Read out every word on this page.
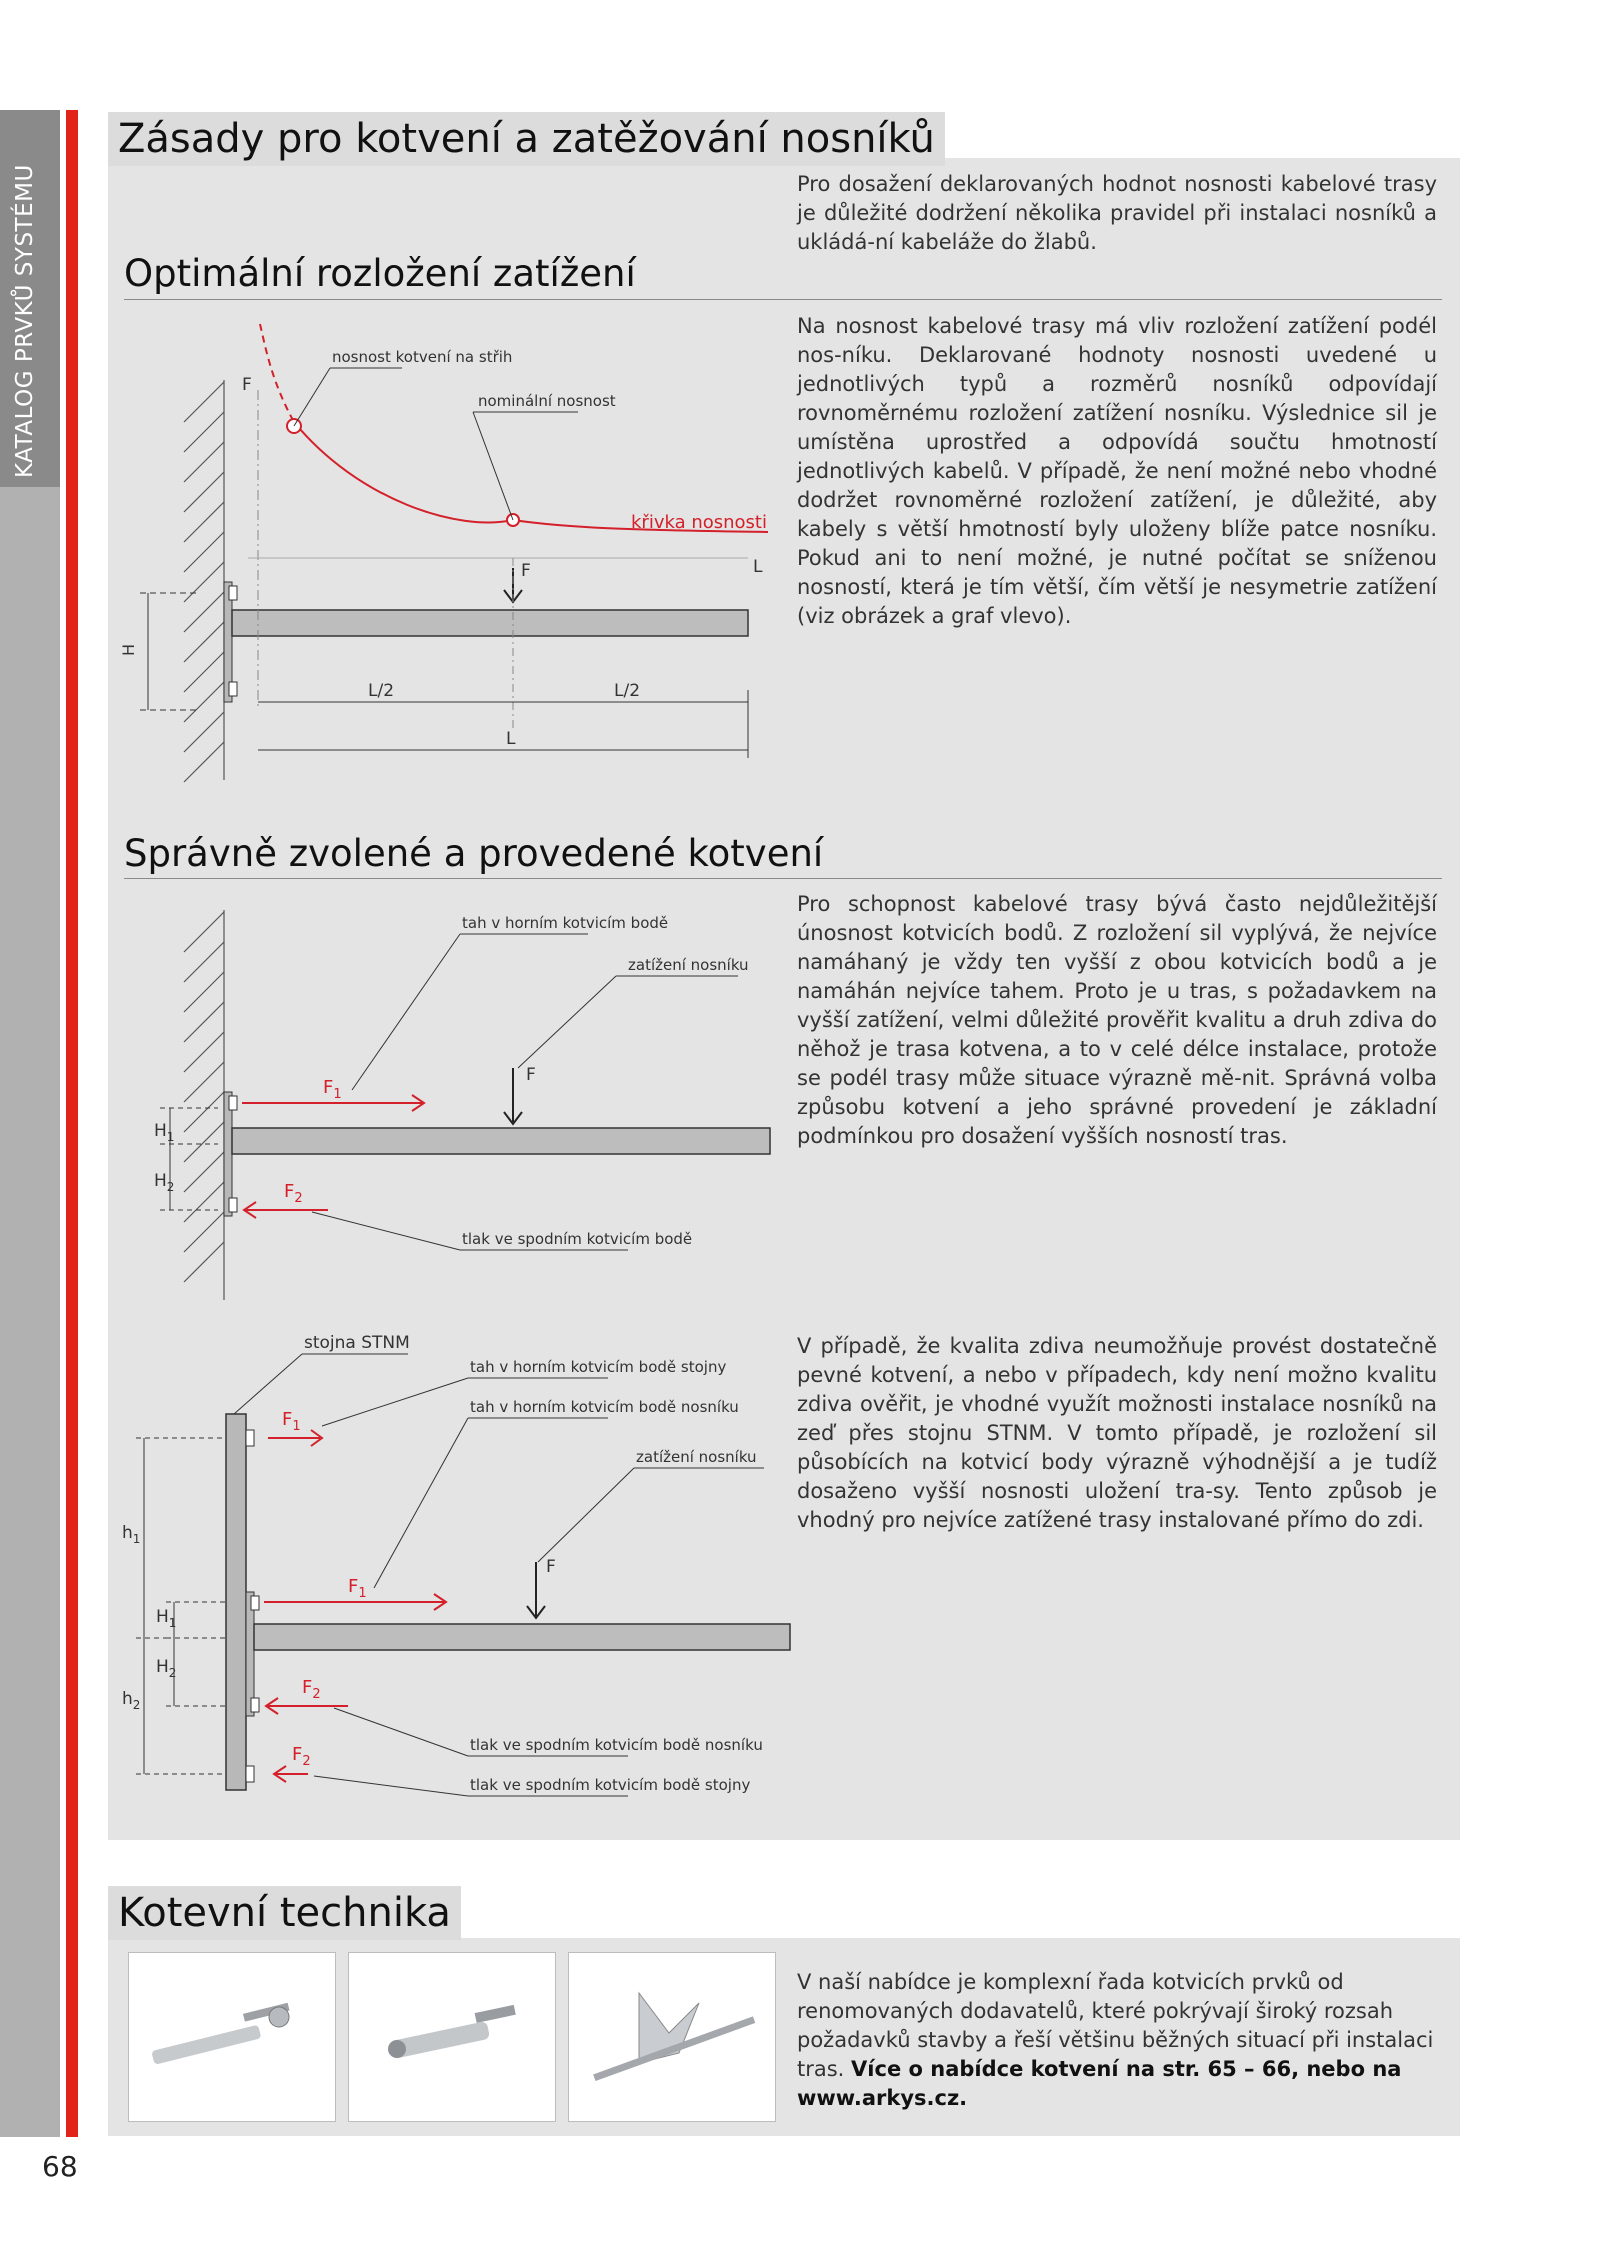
KATALOG PRVKŮ SYSTÉMU
68
Zásady pro kotvení a zatěžování nosníků
Pro dosažení deklarovaných hodnot nosnosti kabelové trasy je důležité dodržení několika pravidel při instalaci nosníků a ukládá-ní kabeláže do žlabů.
Optimální rozložení zatížení
Na nosnost kabelové trasy má vliv rozložení zatížení podél nos-níku. Deklarované hodnoty nosnosti uvedené u jednotlivých typů a rozměrů nosníků odpovídají rovnoměrnému rozložení zatížení nosníku. Výslednice sil je umístěna uprostřed a odpovídá součtu hmotností jednotlivých kabelů. V případě, že není možné nebo vhodné dodržet rovnoměrné rozložení zatížení, je důležité, aby kabely s větší hmotností byly uloženy blíže patce nosníku. Pokud ani to není možné, je nutné počítat se sníženou nosností, která je tím větší, čím větší je nesymetrie zatížení (viz obrázek a graf vlevo).
nosnost kotvení na střih
nominální nosnost
křivka nosnosti
F
F	L
H
L/2	L/2
L
Správně zvolené a provedené kotvení
Pro schopnost kabelové trasy bývá často nejdůležitější únosnost kotvicích bodů. Z rozložení sil vyplývá, že nejvíce namáhaný je vždy ten vyšší z obou kotvicích bodů a je namáhán nejvíce tahem. Proto je u tras, s požadavkem na vyšší zatížení, velmi důležité prověřit kvalitu a druh zdiva do něhož je trasa kotvena, a to v celé délce instalace, protože se podél trasy může situace výrazně mě-nit. Správná volba způsobu kotvení a jeho správné provedení je základní podmínkou pro dosažení vyšších nosností tras.
F
$F_1$
$F_2$
tah v horním kotvicím bodě
zatížení nosníku
tlak ve spodním kotvicím bodě
$H_1$
$H_2$
V případě, že kvalita zdiva neumožňuje provést dostatečně pevné kotvení, a nebo v případech, kdy není možno kvalitu zdiva ověřit, je vhodné využít možnosti instalace nosníků na zeď přes stojnu STNM. V tomto případě, je rozložení sil působících na kotvicí body výrazně výhodnější a je tudíž dosaženo vyšší nosnosti uložení tra-sy. Tento způsob je vhodný pro nejvíce zatížené trasy instalované přímo do zdi.
F
$F_1$
$F_1$
$F_2$
$F_2$
stojna STNM
tah v horním kotvicím bodě stojny
tah v horním kotvicím bodě nosníku
zatížení nosníku
tlak ve spodním kotvicím bodě nosníku
tlak ve spodním kotvicím bodě stojny
$h_1$
$h_2$
$H_1$
$H_2$
Kotevní technika
V naší nabídce je komplexní řada kotvicích prvků od renomovaných dodavatelů, které pokrývají široký rozsah požadavků stavby a řeší většinu běžných situací při instalaci tras. Více o nabídce kotvení na str. 65 – 66, nebo na www.arkys.cz.
